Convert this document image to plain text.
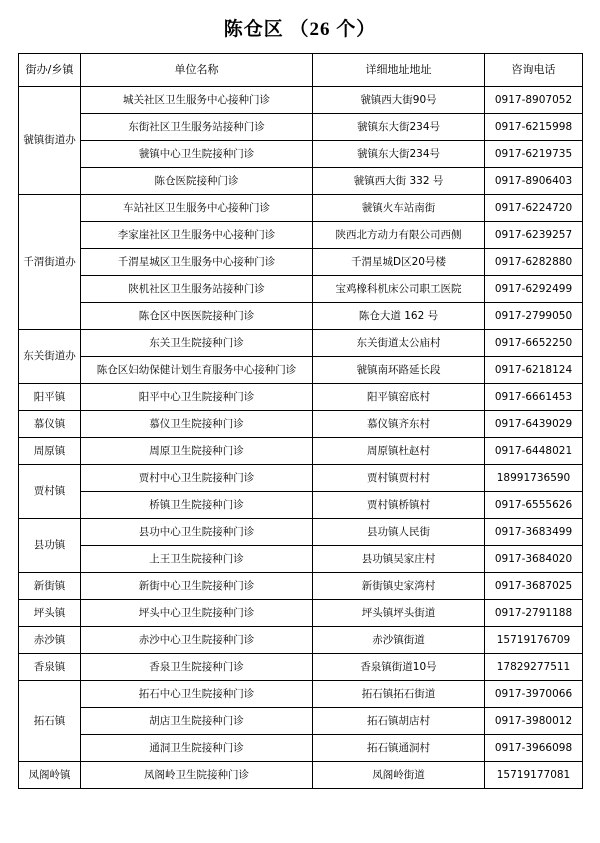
陈仓区 （26 个）
街办/乡镇	单位名称	详细地址地址	咨询电话
虢镇街道办	城关社区卫生服务中心接种门诊	虢镇西大街90号	0917-8907052
	东街社区卫生服务站接种门诊	虢镇东大街234号	0917-6215998
	虢镇中心卫生院接种门诊	虢镇东大街234号	0917-6219735
	陈仓医院接种门诊	虢镇西大街 332 号	0917-8906403
千渭街道办	车站社区卫生服务中心接种门诊	虢镇火车站南街	0917-6224720
	李家崖社区卫生服务中心接种门诊	陕西北方动力有限公司西侧	0917-6239257
	千渭星城区卫生服务中心接种门诊	千渭星城D区20号楼	0917-6282880
	陕机社区卫生服务站接种门诊	宝鸡橡科机床公司职工医院	0917-6292499
	陈仓区中医医院接种门诊	陈仓大道 162 号	0917-2799050
东关街道办	东关卫生院接种门诊	东关街道太公庙村	0917-6652250
	陈仓区妇幼保健计划生育服务中心接种门诊	虢镇南环路延长段	0917-6218124
阳平镇	阳平中心卫生院接种门诊	阳平镇窑底村	0917-6661453
慕仪镇	慕仪卫生院接种门诊	慕仪镇齐东村	0917-6439029
周原镇	周原卫生院接种门诊	周原镇杜赵村	0917-6448021
贾村镇	贾村中心卫生院接种门诊	贾村镇贾村村	18991736590
	桥镇卫生院接种门诊	贾村镇桥镇村	0917-6555626
县功镇	县功中心卫生院接种门诊	县功镇人民街	0917-3683499
	上王卫生院接种门诊	县功镇吴家庄村	0917-3684020
新街镇	新街中心卫生院接种门诊	新街镇史家湾村	0917-3687025
坪头镇	坪头中心卫生院接种门诊	坪头镇坪头街道	0917-2791188
赤沙镇	赤沙中心卫生院接种门诊	赤沙镇街道	15719176709
香泉镇	香泉卫生院接种门诊	香泉镇街道10号	17829277511
拓石镇	拓石中心卫生院接种门诊	拓石镇拓石街道	0917-3970066
	胡店卫生院接种门诊	拓石镇胡店村	0917-3980012
	通洞卫生院接种门诊	拓石镇通洞村	0917-3966098
凤阁岭镇	凤阁岭卫生院接种门诊	凤阁岭街道	15719177081
